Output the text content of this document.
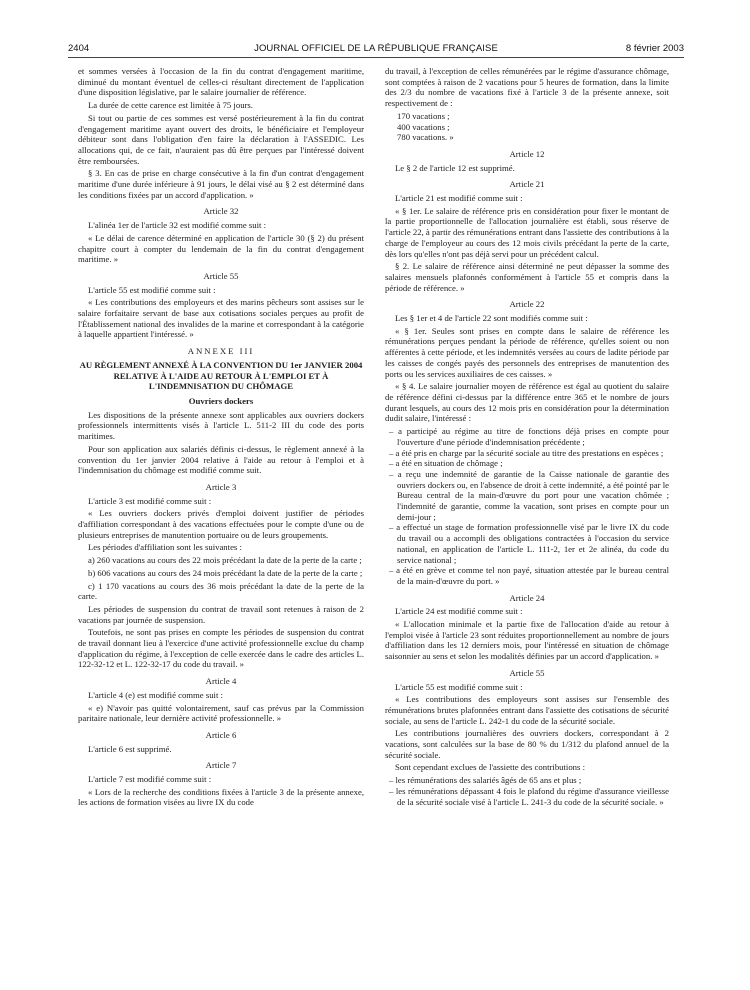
2404	JOURNAL OFFICIEL DE LA RÉPUBLIQUE FRANÇAISE	8 février 2003

et sommes versées à l'occasion de la fin du contrat d'engagement maritime, diminué du montant éventuel de celles-ci résultant directement de l'application d'une disposition législative, par le salaire journalier de référence.

La durée de cette carence est limitée à 75 jours.

Si tout ou partie de ces sommes est versé postérieurement à la fin du contrat d'engagement maritime ayant ouvert des droits, le bénéficiaire et l'employeur débiteur sont dans l'obligation d'en faire la déclaration à l'ASSEDIC. Les allocations qui, de ce fait, n'auraient pas dû être perçues par l'intéressé doivent être remboursées.

§ 3. En cas de prise en charge consécutive à la fin d'un contrat d'engagement maritime d'une durée inférieure à 91 jours, le délai visé au § 2 est déterminé dans les conditions fixées par un accord d'application. »

Article 32

L'alinéa 1er de l'article 32 est modifié comme suit :

« Le délai de carence déterminé en application de l'article 30 (§ 2) du présent chapitre court à compter du lendemain de la fin du contrat d'engagement maritime. »

Article 55

L'article 55 est modifié comme suit :

« Les contributions des employeurs et des marins pêcheurs sont assises sur le salaire forfaitaire servant de base aux cotisations sociales perçues au profit de l'Établissement national des invalides de la marine et correspondant à la catégorie à laquelle appartient l'intéressé. »

ANNEXE III

AU RÈGLEMENT ANNEXÉ À LA CONVENTION DU 1er JANVIER 2004 RELATIVE À L'AIDE AU RETOUR À L'EMPLOI ET À L'INDEMNISATION DU CHÔMAGE

Ouvriers dockers

Les dispositions de la présente annexe sont applicables aux ouvriers dockers professionnels intermittents visés à l'article L. 511-2 III du code des ports maritimes.

Pour son application aux salariés définis ci-dessus, le règlement annexé à la convention du 1er janvier 2004 relative à l'aide au retour à l'emploi et à l'indemnisation du chômage est modifié comme suit.

Article 3

L'article 3 est modifié comme suit :

« Les ouvriers dockers privés d'emploi doivent justifier de périodes d'affiliation correspondant à des vacations effectuées pour le compte d'une ou de plusieurs entreprises de manutention portuaire ou de leurs groupements.

Les périodes d'affiliation sont les suivantes :

a) 260 vacations au cours des 22 mois précédant la date de la perte de la carte ;

b) 606 vacations au cours des 24 mois précédant la date de la perte de la carte ;

c) 1 170 vacations au cours des 36 mois précédant la date de la perte de la carte.

Les périodes de suspension du contrat de travail sont retenues à raison de 2 vacations par journée de suspension.

Toutefois, ne sont pas prises en compte les périodes de suspension du contrat de travail donnant lieu à l'exercice d'une activité professionnelle exclue du champ d'application du régime, à l'exception de celle exercée dans le cadre des articles L. 122-32-12 et L. 122-32-17 du code du travail. »

Article 4

L'article 4 (e) est modifié comme suit :

« e) N'avoir pas quitté volontairement, sauf cas prévus par la Commission paritaire nationale, leur dernière activité professionnelle. »

Article 6

L'article 6 est supprimé.

Article 7

L'article 7 est modifié comme suit :

« Lors de la recherche des conditions fixées à l'article 3 de la présente annexe, les actions de formation visées au livre IX du code

du travail, à l'exception de celles rémunérées par le régime d'assurance chômage, sont comptées à raison de 2 vacations pour 5 heures de formation, dans la limite des 2/3 du nombre de vacations fixé à l'article 3 de la présente annexe, soit respectivement de :

170 vacations ;

400 vacations ;

780 vacations. »

Article 12

Le § 2 de l'article 12 est supprimé.

Article 21

L'article 21 est modifié comme suit :

« § 1er. Le salaire de référence pris en considération pour fixer le montant de la partie proportionnelle de l'allocation journalière est établi, sous réserve de l'article 22, à partir des rémunérations entrant dans l'assiette des contributions à la charge de l'employeur au cours des 12 mois civils précédant la perte de la carte, dès lors qu'elles n'ont pas déjà servi pour un précédent calcul.

§ 2. Le salaire de référence ainsi déterminé ne peut dépasser la somme des salaires mensuels plafonnés conformément à l'article 55 et compris dans la période de référence. »

Article 22

Les § 1er et 4 de l'article 22 sont modifiés comme suit :

« § 1er. Seules sont prises en compte dans le salaire de référence les rémunérations perçues pendant la période de référence, qu'elles soient ou non afférentes à cette période, et les indemnités versées au cours de ladite période par les caisses de congés payés des personnels des entreprises de manutention des ports ou les services auxiliaires de ces caisses. »

« § 4. Le salaire journalier moyen de référence est égal au quotient du salaire de référence défini ci-dessus par la différence entre 365 et le nombre de jours durant lesquels, au cours des 12 mois pris en considération pour la détermination dudit salaire, l'intéressé :

– a participé au régime au titre de fonctions déjà prises en compte pour l'ouverture d'une période d'indemnisation précédente ;
– a été pris en charge par la sécurité sociale au titre des prestations en espèces ;
– a été en situation de chômage ;
– a reçu une indemnité de garantie de la Caisse nationale de garantie des ouvriers dockers ou, en l'absence de droit à cette indemnité, a été pointé par le Bureau central de la main-d'œuvre du port pour une vacation chômée ; l'indemnité de garantie, comme la vacation, sont prises en compte pour un demi-jour ;
– a effectué un stage de formation professionnelle visé par le livre IX du code du travail ou a accompli des obligations contractées à l'occasion du service national, en application de l'article L. 111-2, 1er et 2e alinéa, du code du service national ;
– a été en grève et comme tel non payé, situation attestée par le bureau central de la main-d'œuvre du port. »

Article 24

L'article 24 est modifié comme suit :

« L'allocation minimale et la partie fixe de l'allocation d'aide au retour à l'emploi visée à l'article 23 sont réduites proportionnellement au nombre de jours d'affiliation dans les 12 derniers mois, pour l'intéressé en situation de chômage saisonnier au sens et selon les modalités définies par un accord d'application. »

Article 55

L'article 55 est modifié comme suit :

« Les contributions des employeurs sont assises sur l'ensemble des rémunérations brutes plafonnées entrant dans l'assiette des cotisations de sécurité sociale, au sens de l'article L. 242-1 du code de la sécurité sociale.

Les contributions journalières des ouvriers dockers, correspondant à 2 vacations, sont calculées sur la base de 80 % du 1/312 du plafond annuel de la sécurité sociale.

Sont cependant exclues de l'assiette des contributions :

– les rémunérations des salariés âgés de 65 ans et plus ;
– les rémunérations dépassant 4 fois le plafond du régime d'assurance vieillesse de la sécurité sociale visé à l'article L. 241-3 du code de la sécurité sociale. »
